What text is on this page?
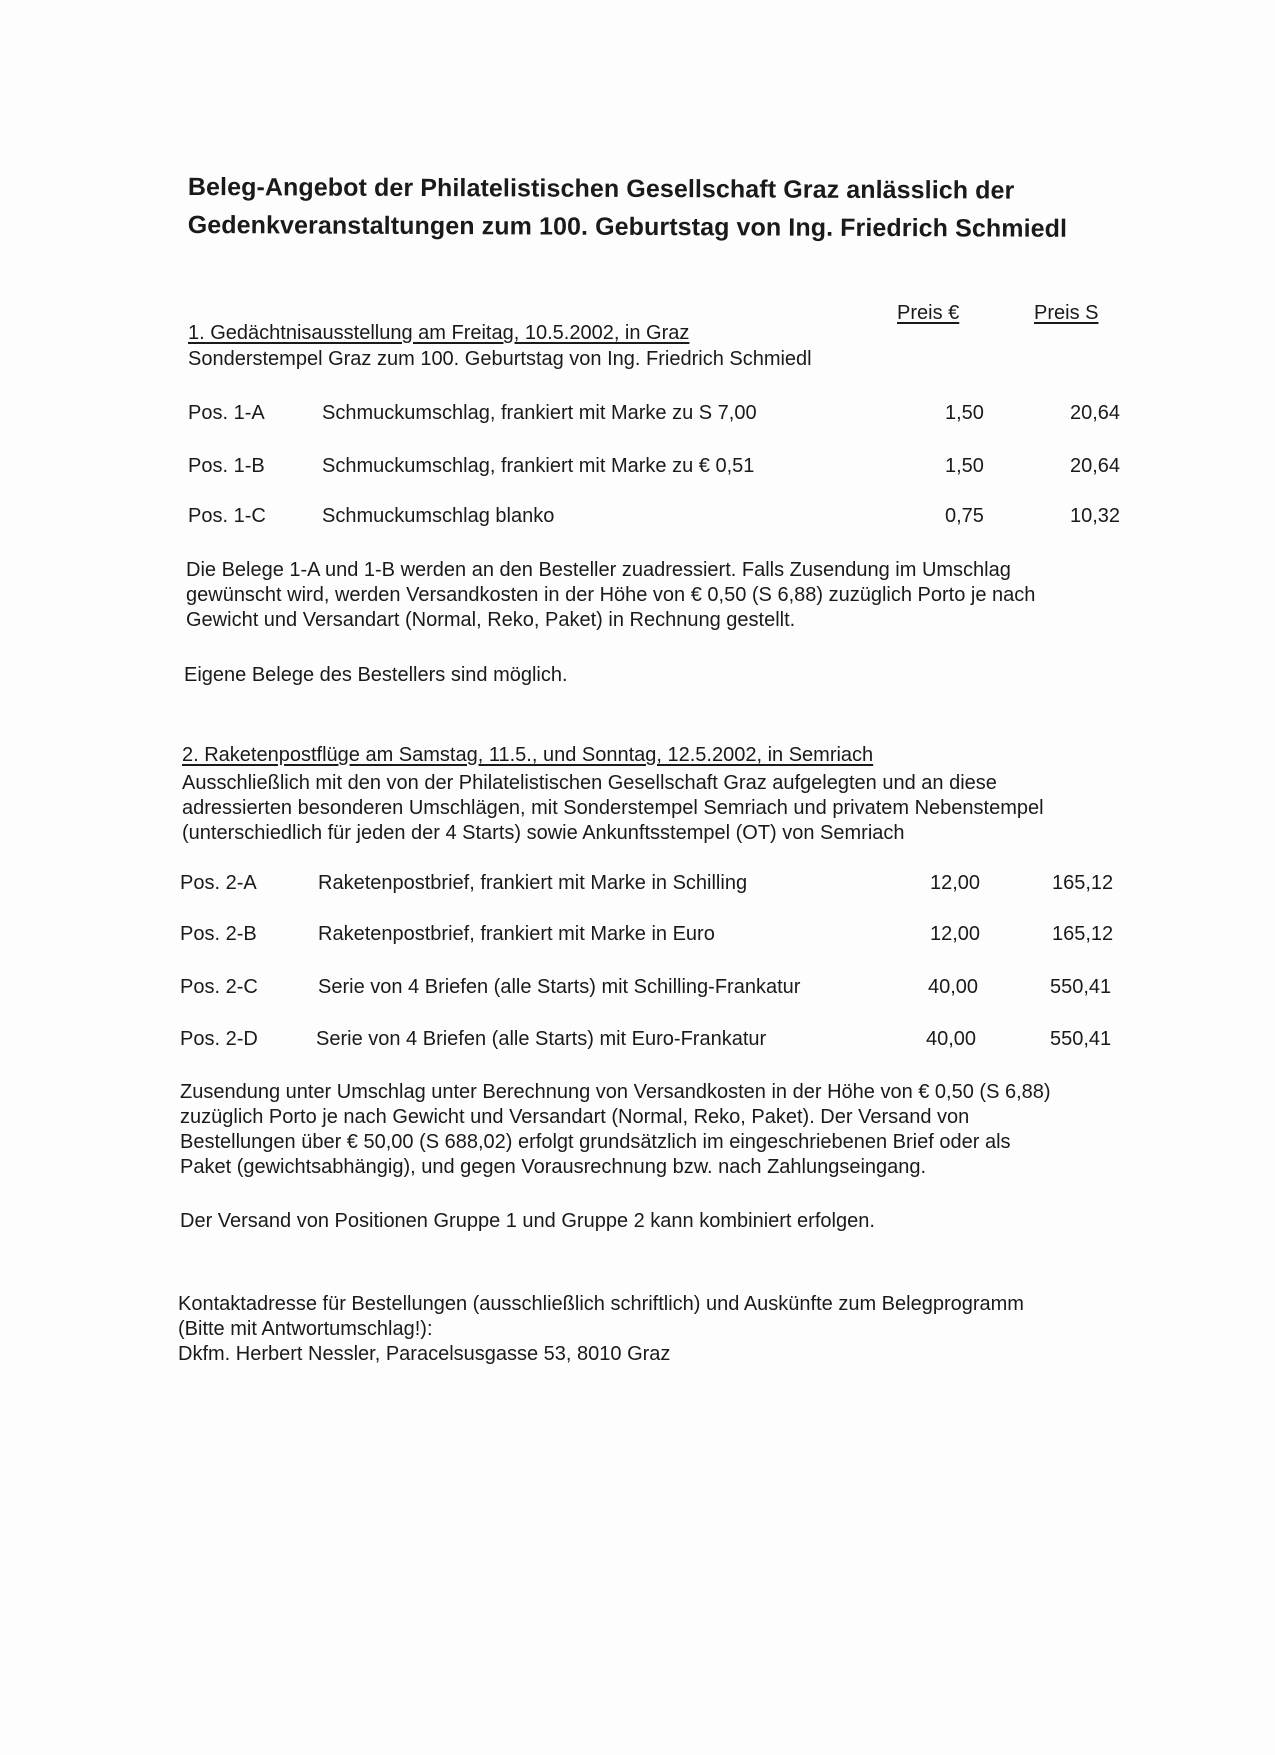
Beleg-Angebot der Philatelistischen Gesellschaft Graz anlässlich der
Gedenkveranstaltungen zum 100. Geburtstag von Ing. Friedrich Schmiedl
Preis €	Preis S
1. Gedächtnisausstellung am Freitag, 10.5.2002, in Graz
Sonderstempel Graz zum 100. Geburtstag von Ing. Friedrich Schmiedl
Pos. 1-A	Schmuckumschlag, frankiert mit Marke zu S 7,00	1,50	20,64
Pos. 1-B	Schmuckumschlag, frankiert mit Marke zu € 0,51	1,50	20,64
Pos. 1-C	Schmuckumschlag blanko	0,75	10,32
Die Belege 1-A und 1-B werden an den Besteller zuadressiert. Falls Zusendung im Umschlag
gewünscht wird, werden Versandkosten in der Höhe von € 0,50 (S 6,88) zuzüglich Porto je nach
Gewicht und Versandart (Normal, Reko, Paket) in Rechnung gestellt.
Eigene Belege des Bestellers sind möglich.
2. Raketenpostflüge am Samstag, 11.5., und Sonntag, 12.5.2002, in Semriach
Ausschließlich mit den von der Philatelistischen Gesellschaft Graz aufgelegten und an diese
adressierten besonderen Umschlägen, mit Sonderstempel Semriach und privatem Nebenstempel
(unterschiedlich für jeden der 4 Starts) sowie Ankunftsstempel (OT) von Semriach
Pos. 2-A	Raketenpostbrief, frankiert mit Marke in Schilling	12,00	165,12
Pos. 2-B	Raketenpostbrief, frankiert mit Marke in Euro	12,00	165,12
Pos. 2-C	Serie von 4 Briefen (alle Starts) mit Schilling-Frankatur	40,00	550,41
Pos. 2-D	Serie von 4 Briefen (alle Starts) mit Euro-Frankatur	40,00	550,41
Zusendung unter Umschlag unter Berechnung von Versandkosten in der Höhe von € 0,50 (S 6,88)
zuzüglich Porto je nach Gewicht und Versandart (Normal, Reko, Paket). Der Versand von
Bestellungen über € 50,00 (S 688,02) erfolgt grundsätzlich im eingeschriebenen Brief oder als
Paket (gewichtsabhängig), und gegen Vorausrechnung bzw. nach Zahlungseingang.
Der Versand von Positionen Gruppe 1 und Gruppe 2 kann kombiniert erfolgen.
Kontaktadresse für Bestellungen (ausschließlich schriftlich) und Auskünfte zum Belegprogramm
(Bitte mit Antwortumschlag!):
Dkfm. Herbert Nessler, Paracelsusgasse 53, 8010 Graz
